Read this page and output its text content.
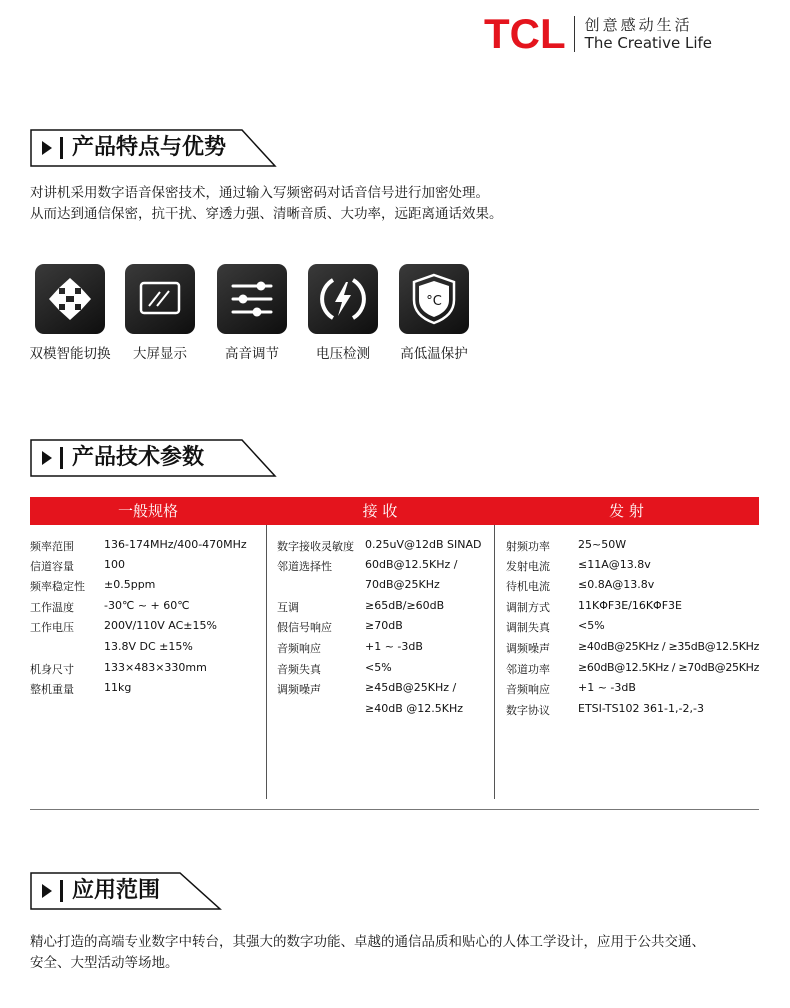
TCL 创意感动生活
The Creative Life
产品特点与优势
对讲机采用数字语音保密技术，通过输入写频密码对话音信号进行加密处理。
从而达到通信保密，抗干扰、穿透力强、清晰音质、大功率，远距离通话效果。
双模智能切换	大屏显示	高音调节	电压检测
°C
高低温保护
产品技术参数
一般规格	接 收	发 射
频率范围	136-174MHz/400-470MHz
信道容量	100
频率稳定性 ±0.5ppm
工作温度	-30℃ ~ + 60℃
工作电压	200V/110V AC±15%
13.8V DC ±15%
机身尺寸	133×483×330mm
整机重量	11kg
数字接收灵敏度 0.25uV@12dB SINAD
邻道选择性	60dB@12.5KHz /
70dB@25KHz
互调	≥65dB/≥60dB
假信号响应	≥70dB
音频响应	+1 ~ -3dB
音频失真	<5%
调频噪声	≥45dB@25KHz /
≥40dB @12.5KHz
射频功率	25~50W
发射电流	≤11A@13.8v
待机电流	≤0.8A@13.8v
调制方式	11KΦF3E/16KΦF3E
调制失真	<5%
调频噪声	≥40dB@25KHz / ≥35dB@12.5KHz
邻道功率	≥60dB@12.5KHz / ≥70dB@25KHz
音频响应	+1 ~ -3dB
数字协议	ETSI-TS102 361-1,-2,-3
应用范围
精心打造的高端专业数字中转台，其强大的数字功能、卓越的通信品质和贴心的人体工学设计，应用于公共交通、
安全、大型活动等场地。
